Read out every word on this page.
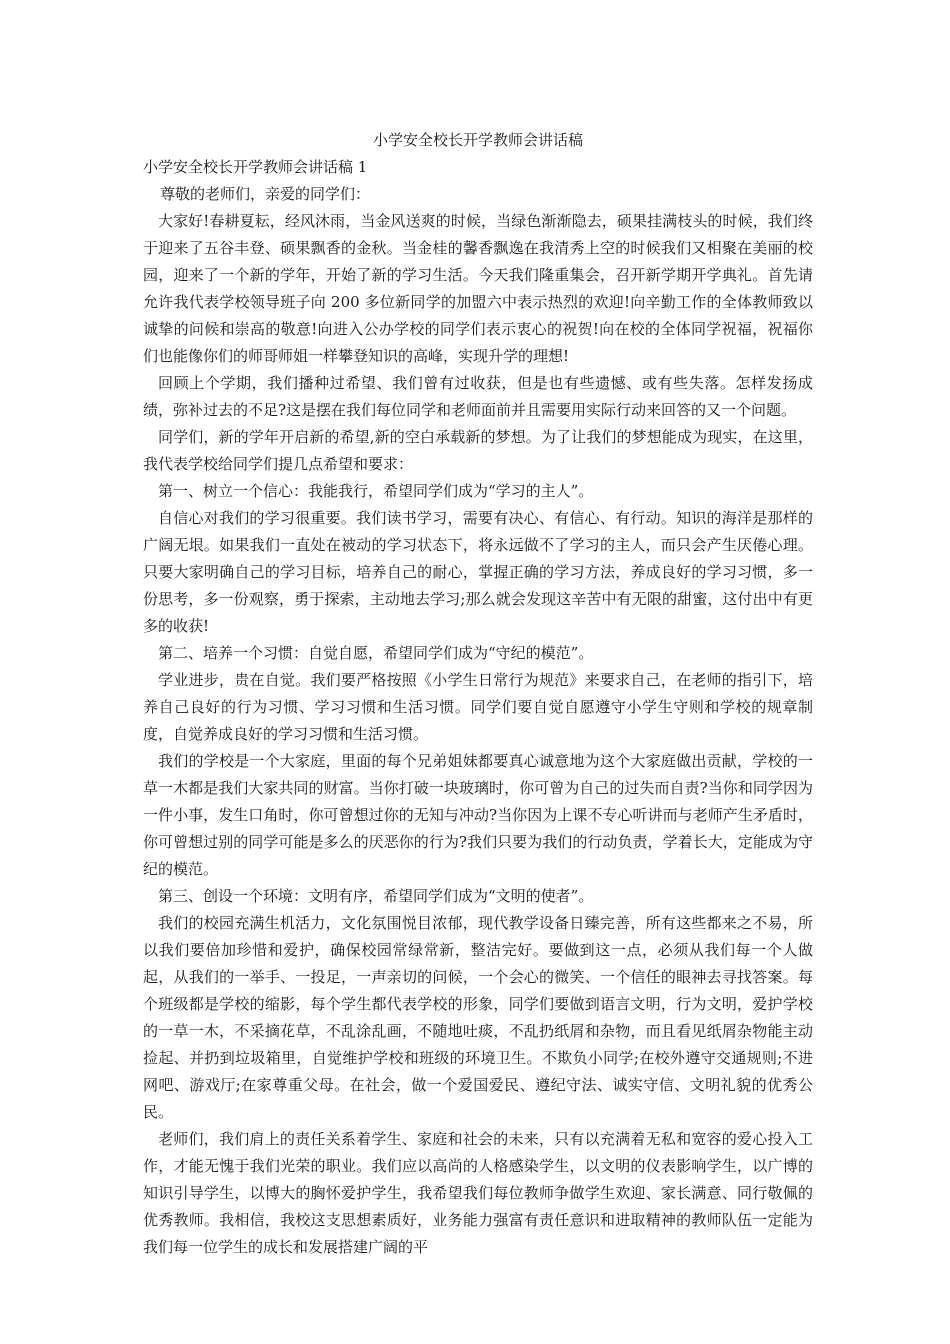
小学安全校长开学教师会讲话稿
小学安全校长开学教师会讲话稿 1

尊敬的老师们，亲爱的同学们：

大家好!春耕夏耘，经风沐雨，当金风送爽的时候，当绿色渐渐隐去，硕果挂满枝头的时候，我们终于迎来了五谷丰登、硕果飘香的金秋。当金桂的馨香飘逸在我清秀上空的时候我们又相聚在美丽的校园，迎来了一个新的学年，开始了新的学习生活。今天我们隆重集会，召开新学期开学典礼。首先请允许我代表学校领导班子向 200 多位新同学的加盟六中表示热烈的欢迎!向辛勤工作的全体教师致以诚挚的问候和崇高的敬意!向进入公办学校的同学们表示衷心的祝贺!向在校的全体同学祝福，祝福你们也能像你们的师哥师姐一样攀登知识的高峰，实现升学的理想!

回顾上个学期，我们播种过希望、我们曾有过收获，但是也有些遗憾、或有些失落。怎样发扬成绩，弥补过去的不足?这是摆在我们每位同学和老师面前并且需要用实际行动来回答的又一个问题。

同学们，新的学年开启新的希望,新的空白承载新的梦想。为了让我们的梦想能成为现实，在这里，我代表学校给同学们提几点希望和要求：

第一、树立一个信心：我能我行，希望同学们成为“学习的主人”。

自信心对我们的学习很重要。我们读书学习，需要有决心、有信心、有行动。知识的海洋是那样的广阔无垠。如果我们一直处在被动的学习状态下，将永远做不了学习的主人，而只会产生厌倦心理。只要大家明确自己的学习目标，培养自己的耐心，掌握正确的学习方法，养成良好的学习习惯，多一份思考，多一份观察，勇于探索，主动地去学习;那么就会发现这辛苦中有无限的甜蜜，这付出中有更多的收获!

第二、培养一个习惯：自觉自愿，希望同学们成为“守纪的模范”。

学业进步，贵在自觉。我们要严格按照《小学生日常行为规范》来要求自己，在老师的指引下，培养自己良好的行为习惯、学习习惯和生活习惯。同学们要自觉自愿遵守小学生守则和学校的规章制度，自觉养成良好的学习习惯和生活习惯。

我们的学校是一个大家庭，里面的每个兄弟姐妹都要真心诚意地为这个大家庭做出贡献，学校的一草一木都是我们大家共同的财富。当你打破一块玻璃时，你可曾为自己的过失而自责?当你和同学因为一件小事，发生口角时，你可曾想过你的无知与冲动?当你因为上课不专心听讲而与老师产生矛盾时，你可曾想过别的同学可能是多么的厌恶你的行为?我们只要为我们的行动负责，学着长大，定能成为守纪的模范。

第三、创设一个环境：文明有序，希望同学们成为“文明的使者”。

我们的校园充满生机活力，文化氛围悦目浓郁，现代教学设备日臻完善，所有这些都来之不易，所以我们要倍加珍惜和爱护，确保校园常绿常新，整洁完好。要做到这一点，必须从我们每一个人做起，从我们的一举手、一投足，一声亲切的问候，一个会心的微笑、一个信任的眼神去寻找答案。每个班级都是学校的缩影，每个学生都代表学校的形象，同学们要做到语言文明，行为文明，爱护学校的一草一木，不采摘花草，不乱涂乱画，不随地吐痰，不乱扔纸屑和杂物，而且看见纸屑杂物能主动捡起、并扔到垃圾箱里，自觉维护学校和班级的环境卫生。不欺负小同学;在校外遵守交通规则;不进网吧、游戏厅;在家尊重父母。在社会，做一个爱国爱民、遵纪守法、诚实守信、文明礼貌的优秀公民。

老师们，我们肩上的责任关系着学生、家庭和社会的未来，只有以充满着无私和宽容的爱心投入工作，才能无愧于我们光荣的职业。我们应以高尚的人格感染学生，以文明的仪表影响学生，以广博的知识引导学生，以博大的胸怀爱护学生，我希望我们每位教师争做学生欢迎、家长满意、同行敬佩的优秀教师。我相信，我校这支思想素质好，业务能力强富有责任意识和进取精神的教师队伍一定能为我们每一位学生的成长和发展搭建广阔的平
